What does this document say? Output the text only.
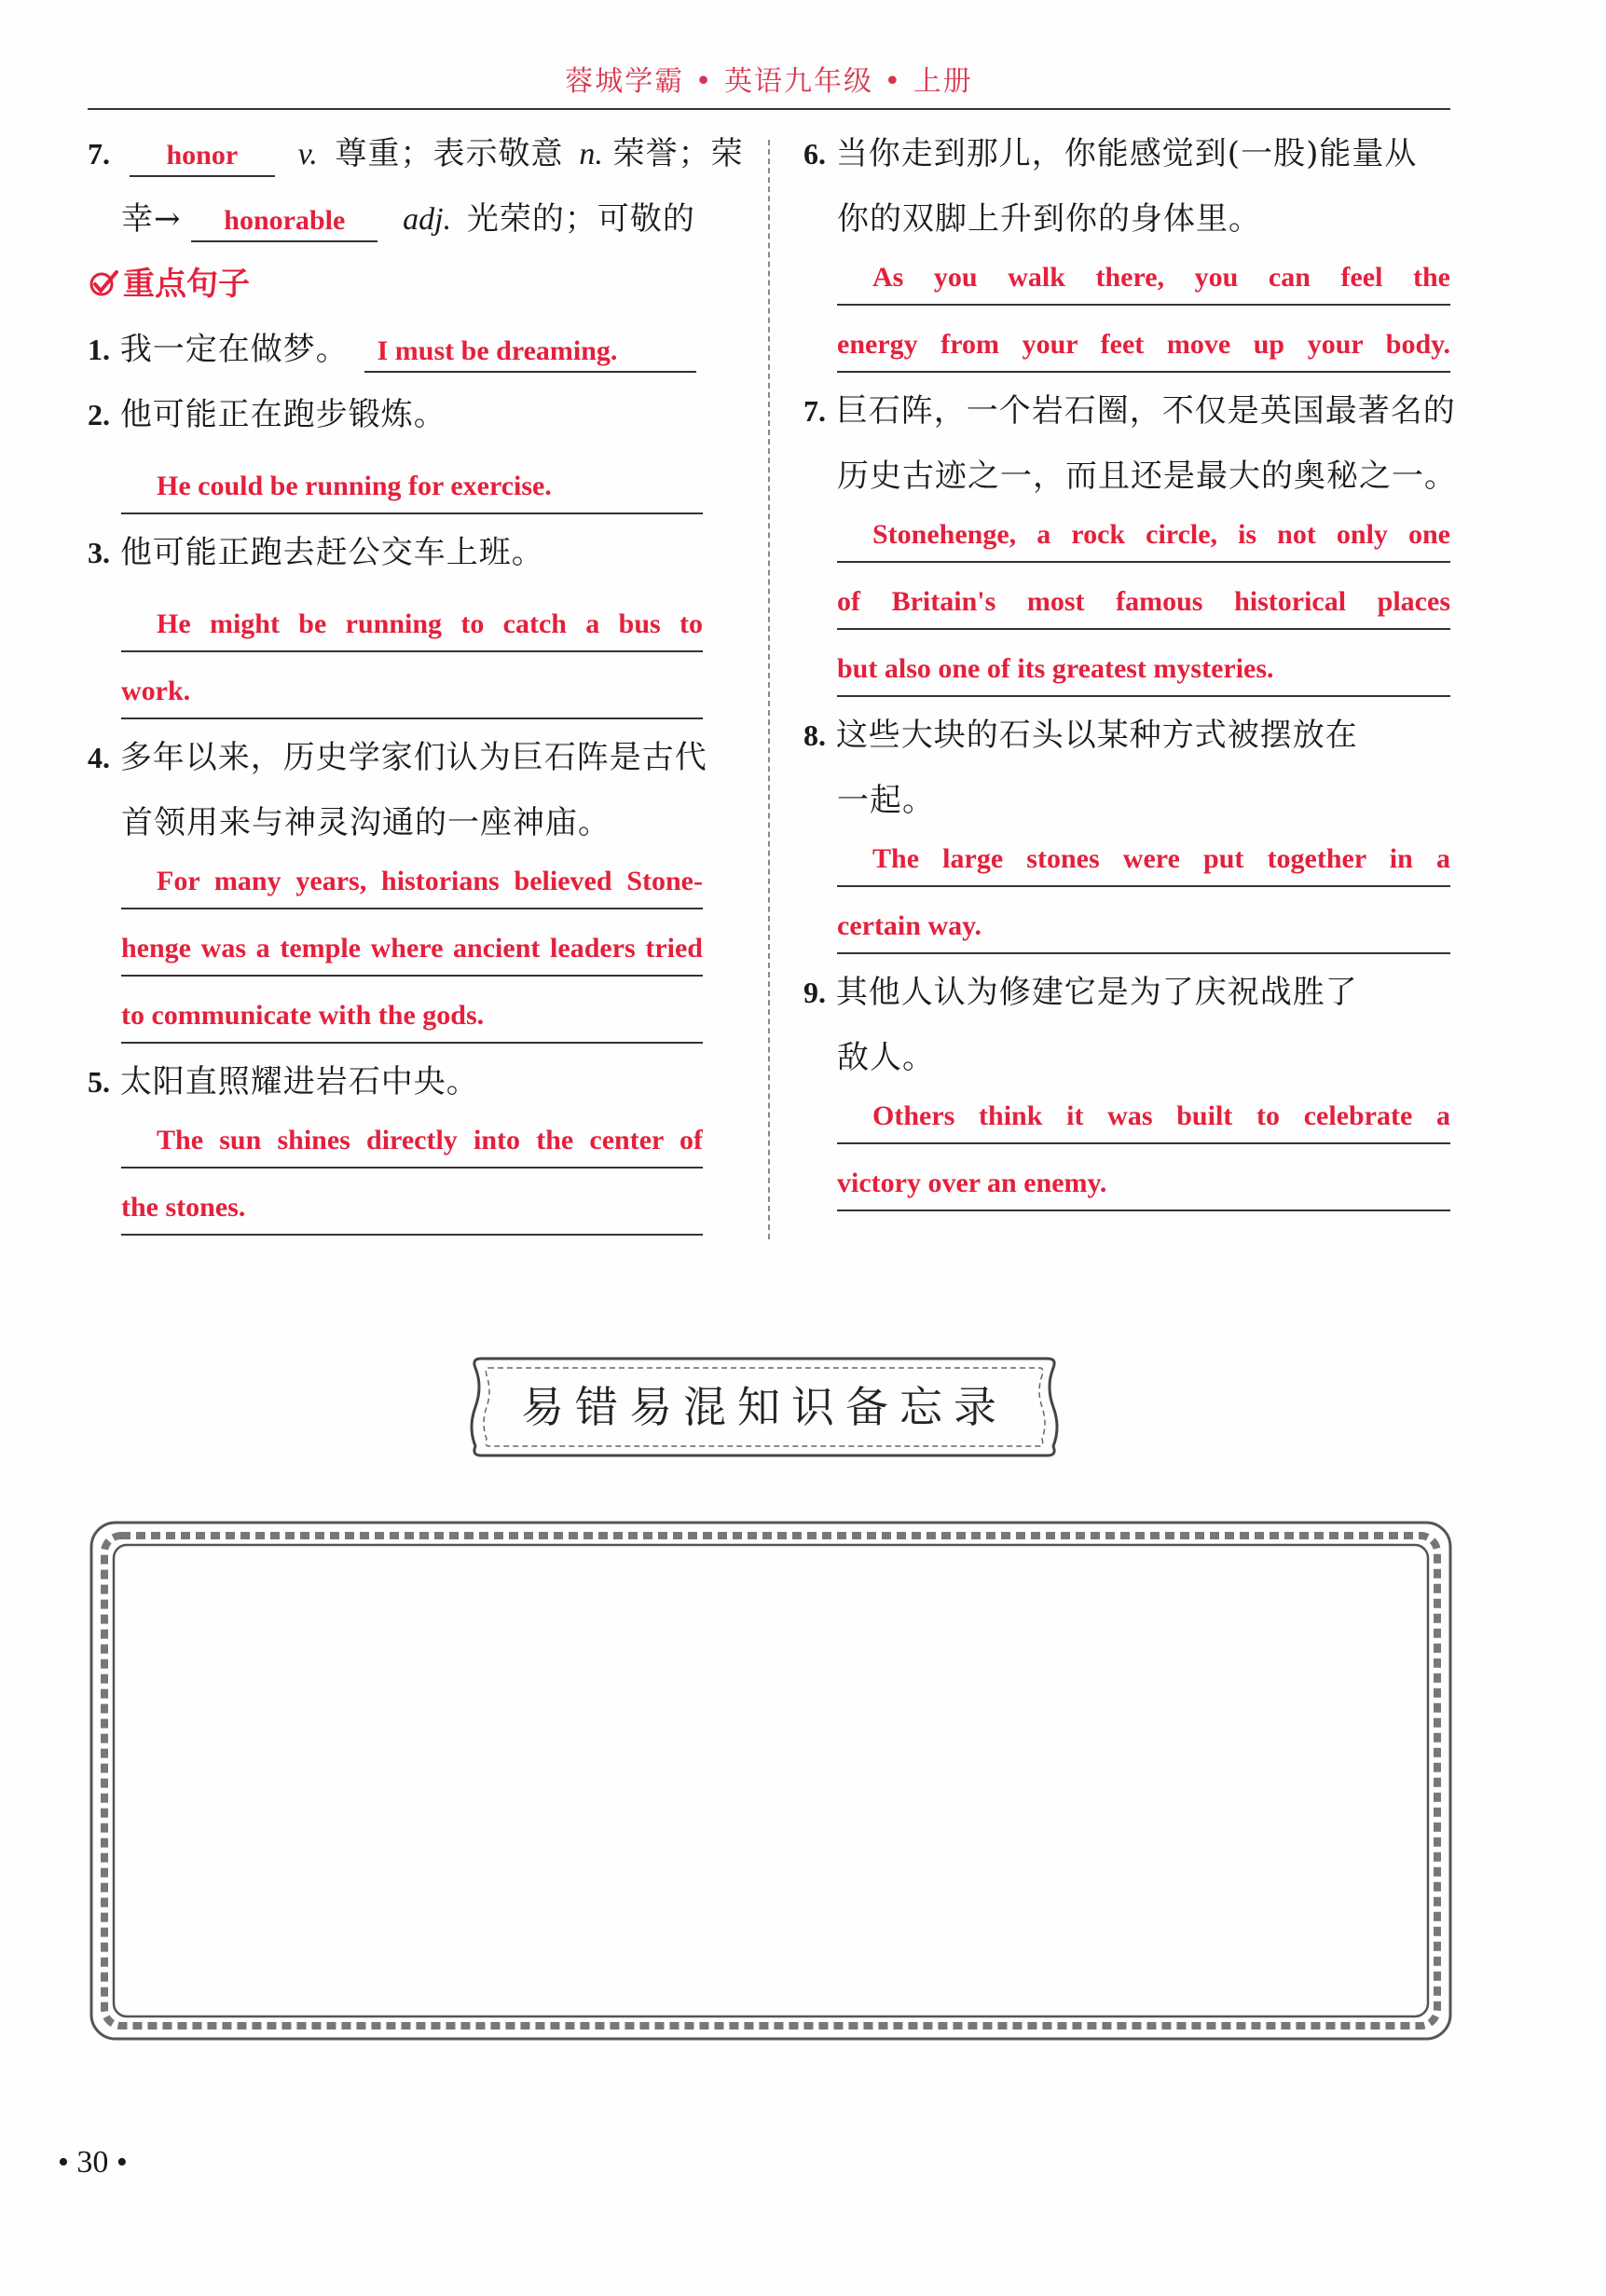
蓉城学霸 • 英语九年级 • 上册
7. honor v. 尊重；表示敬意 n. 荣誉；荣
幸→ honorable adj. 光荣的；可敬的
重点句子
1. 我一定在做梦。 I must be dreaming.
2. 他可能正在跑步锻炼。
He could be running for exercise.
3. 他可能正跑去赶公交车上班。
He might be running to catch a bus to
work.
4. 多年以来，历史学家们认为巨石阵是古代
首领用来与神灵沟通的一座神庙。
For many years, historians believed Stone-
henge was a temple where ancient leaders tried
to communicate with the gods.
5. 太阳直照耀进岩石中央。
The sun shines directly into the center of
the stones.
6. 当你走到那儿，你能感觉到(一股)能量从
你的双脚上升到你的身体里。
As you walk there, you can feel the
energy from your feet move up your body.
7. 巨石阵，一个岩石圈，不仅是英国最著名的
历史古迹之一，而且还是最大的奥秘之一。
Stonehenge, a rock circle, is not only one
of Britain's most famous historical places
but also one of its greatest mysteries.
8. 这些大块的石头以某种方式被摆放在
一起。
The large stones were put together in a
certain way.
9. 其他人认为修建它是为了庆祝战胜了
敌人。
Others think it was built to celebrate a
victory over an enemy.
易错易混知识备忘录
• 30 •
